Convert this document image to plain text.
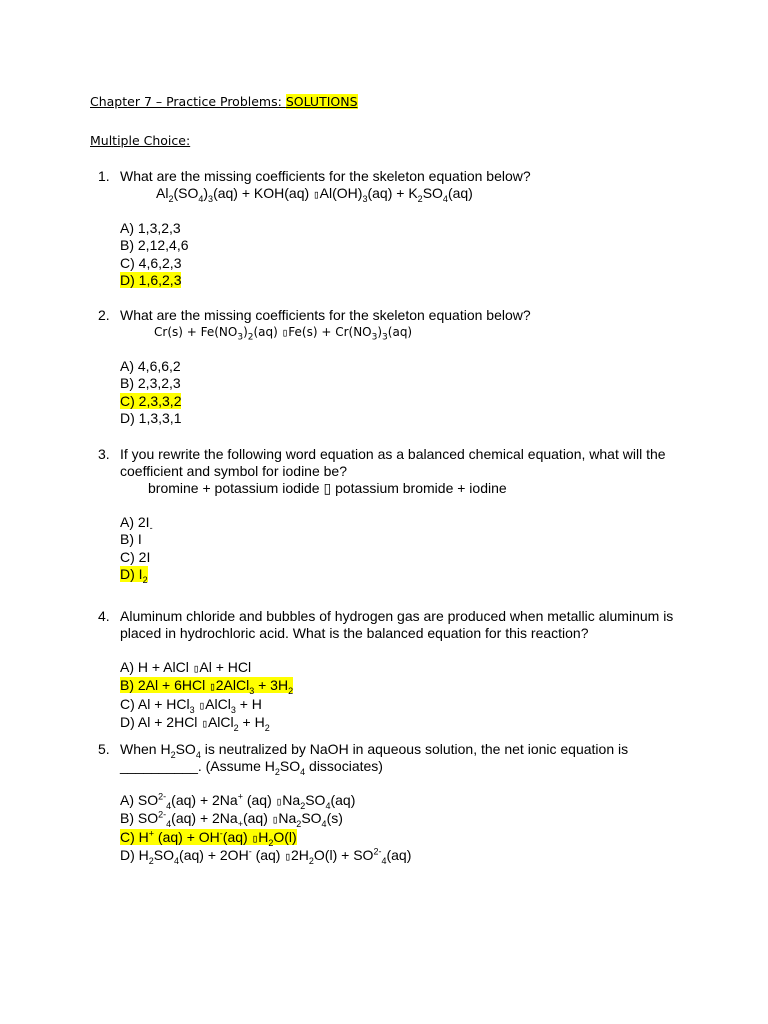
Chapter 7 – Practice Problems: SOLUTIONS
Multiple Choice:
1. What are the missing coefficients for the skeleton equation below?
$Al_2(SO_4)_3(aq) + KOH(aq)$ $▯Al(OH)_3(aq) + K_2SO_4(aq)$
A) 1,3,2,3
B) 2,12,4,6
C) 4,6,2,3
D) 1,6,2,3
2. What are the missing coefficients for the skeleton equation below?
$Cr(s) + Fe(NO_3)_2(aq)$ ▯Fe(s) + $Cr(NO_3)_3(aq)$
A) 4,6,6,2
B) 2,3,2,3
C) 2,3,3,2
D) 1,3,3,1
3. If you rewrite the following word equation as a balanced chemical equation, what will the coefficient and symbol for iodine be?
bromine + potassium iodide ▯ potassium bromide + iodine
A) $2I_-$
B) I
C) 2I
D) $I_2$
4. Aluminum chloride and bubbles of hydrogen gas are produced when metallic aluminum is placed in hydrochloric acid. What is the balanced equation for this reaction?
A) H + AlCl ▯Al + HCl
B) 2Al + 6HCl ▯2AlCl$_3$ + $3H_2$
C) Al + HCl$_3$ ▯AlCl$_3$ + H
D) Al + 2HCl ▯AlCl$_2$ + $H_2$
5. When $H_2SO_4$ is neutralized by NaOH in aqueous solution, the net ionic equation is __________. (Assume $H_2SO_4$ dissociates)
A) $SO^{2-}_4(aq) + 2Na^+$ (aq) $▯Na_2SO_4(aq)$
B) $SO^{2-}_4(aq) + 2Na_+(aq)$ $▯Na_2SO_4(s)$
C) H+ (aq) + OH-(aq) $▯H_2O(l)$
D) $H_2SO_4(aq) + 2OH^-$ (aq) $▯2H_2O(l) + SO^{2-}_4(aq)$
